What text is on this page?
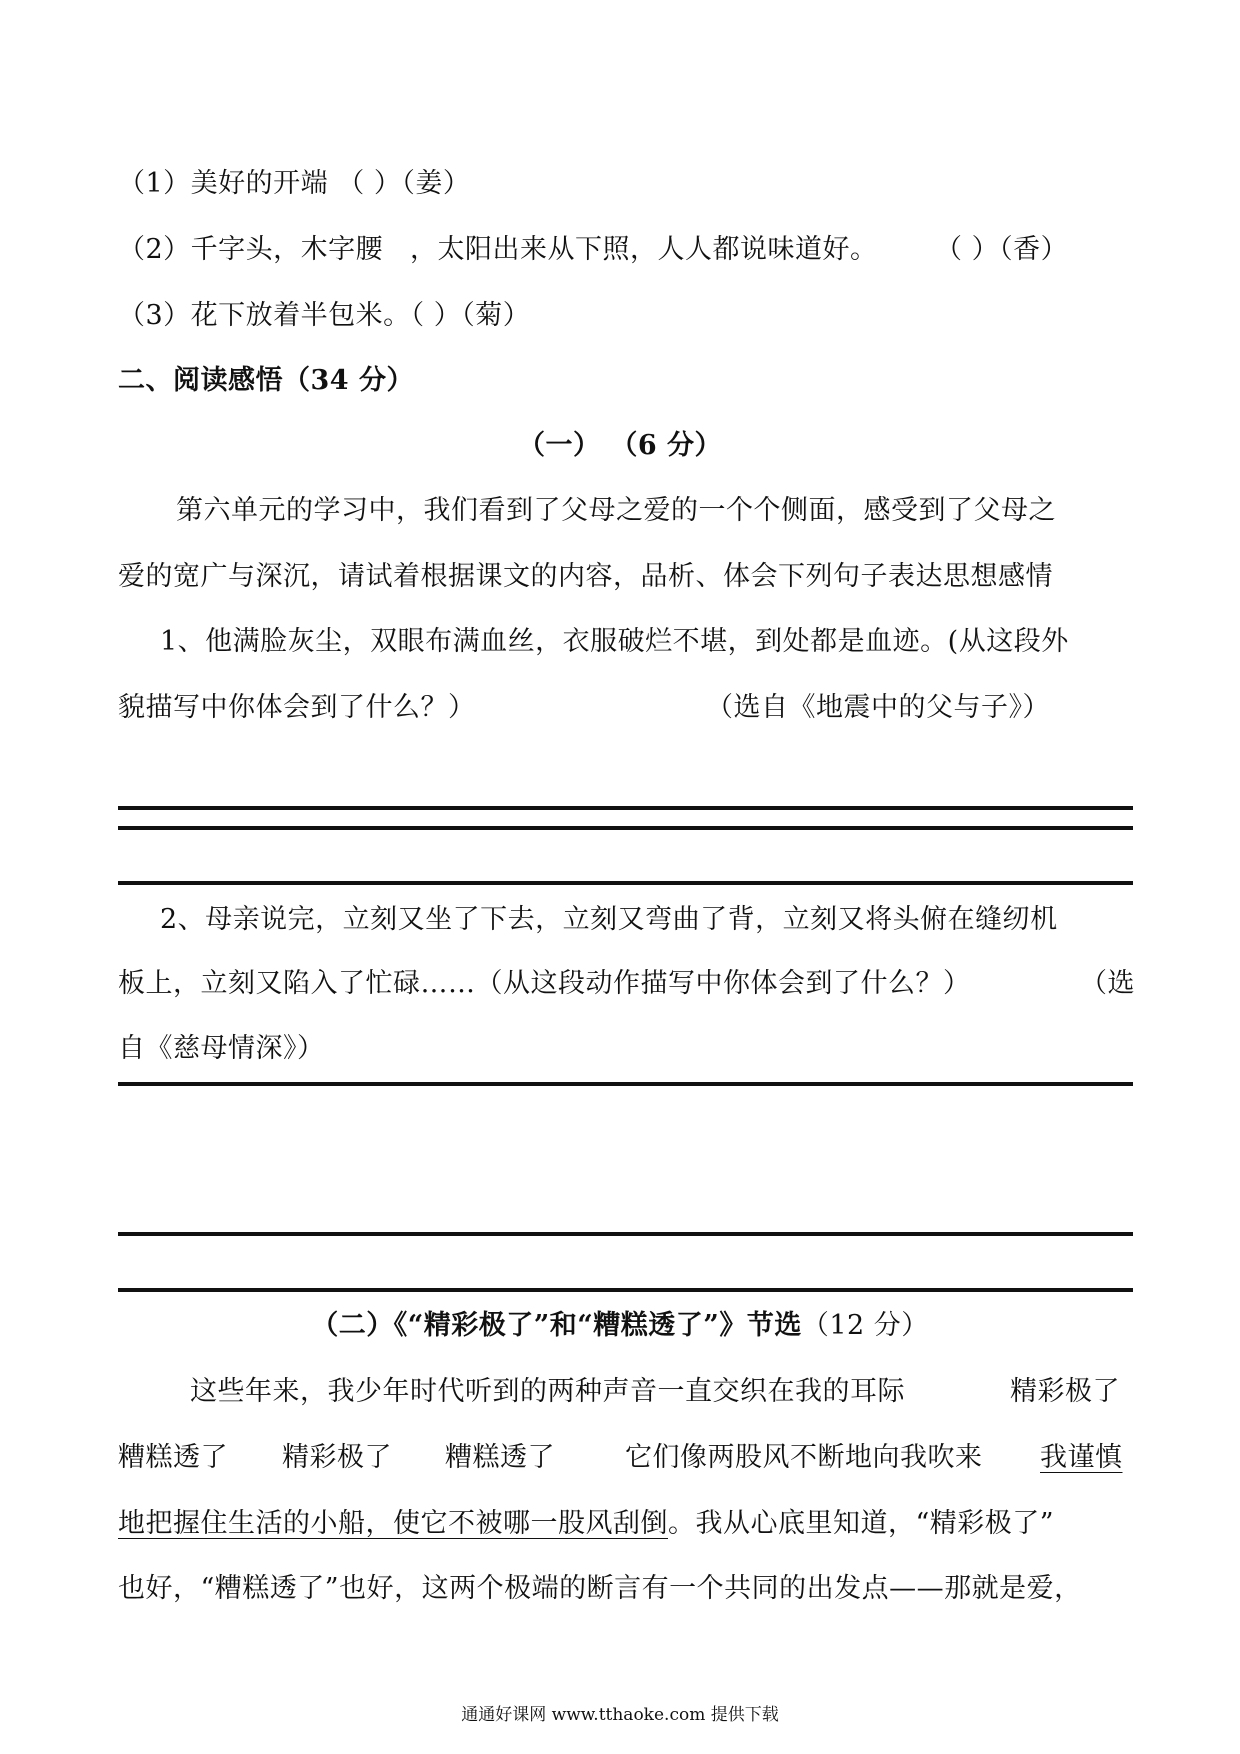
（1）美好的开端 （ ）（姜）
（2）千字头，木字腰 ，太阳出来从下照，人人都说味道好。 （ ）（香）
（3）花下放着半包米。（ ）（菊）
二、阅读感悟（34 分）
（一） （6 分）
第六单元的学习中，我们看到了父母之爱的一个个侧面，感受到了父母之
爱的宽广与深沉，请试着根据课文的内容，品析、体会下列句子表达思想感情
1、他满脸灰尘，双眼布满血丝，衣服破烂不堪，到处都是血迹。(从这段外
貌描写中你体会到了什么？）	（选自《地震中的父与子》）
2、母亲说完，立刻又坐了下去，立刻又弯曲了背，立刻又将头俯在缝纫机
板上，立刻又陷入了忙碌……（从这段动作描写中你体会到了什么？）	（选
自《慈母情深》）
（二）《“精彩极了”和“糟糕透了”》节选（12 分）
这些年来，我少年时代听到的两种声音一直交织在我的耳际	精彩极了
糟糕透了 精彩极了 糟糕透了	它们像两股风不断地向我吹来 我谨慎
地把握住生活的小船，使它不被哪一股风刮倒。我从心底里知道，“精彩极了”
也好，“糟糕透了”也好，这两个极端的断言有一个共同的出发点——那就是爱，
通通好课网 www.tthaoke.com 提供下载
